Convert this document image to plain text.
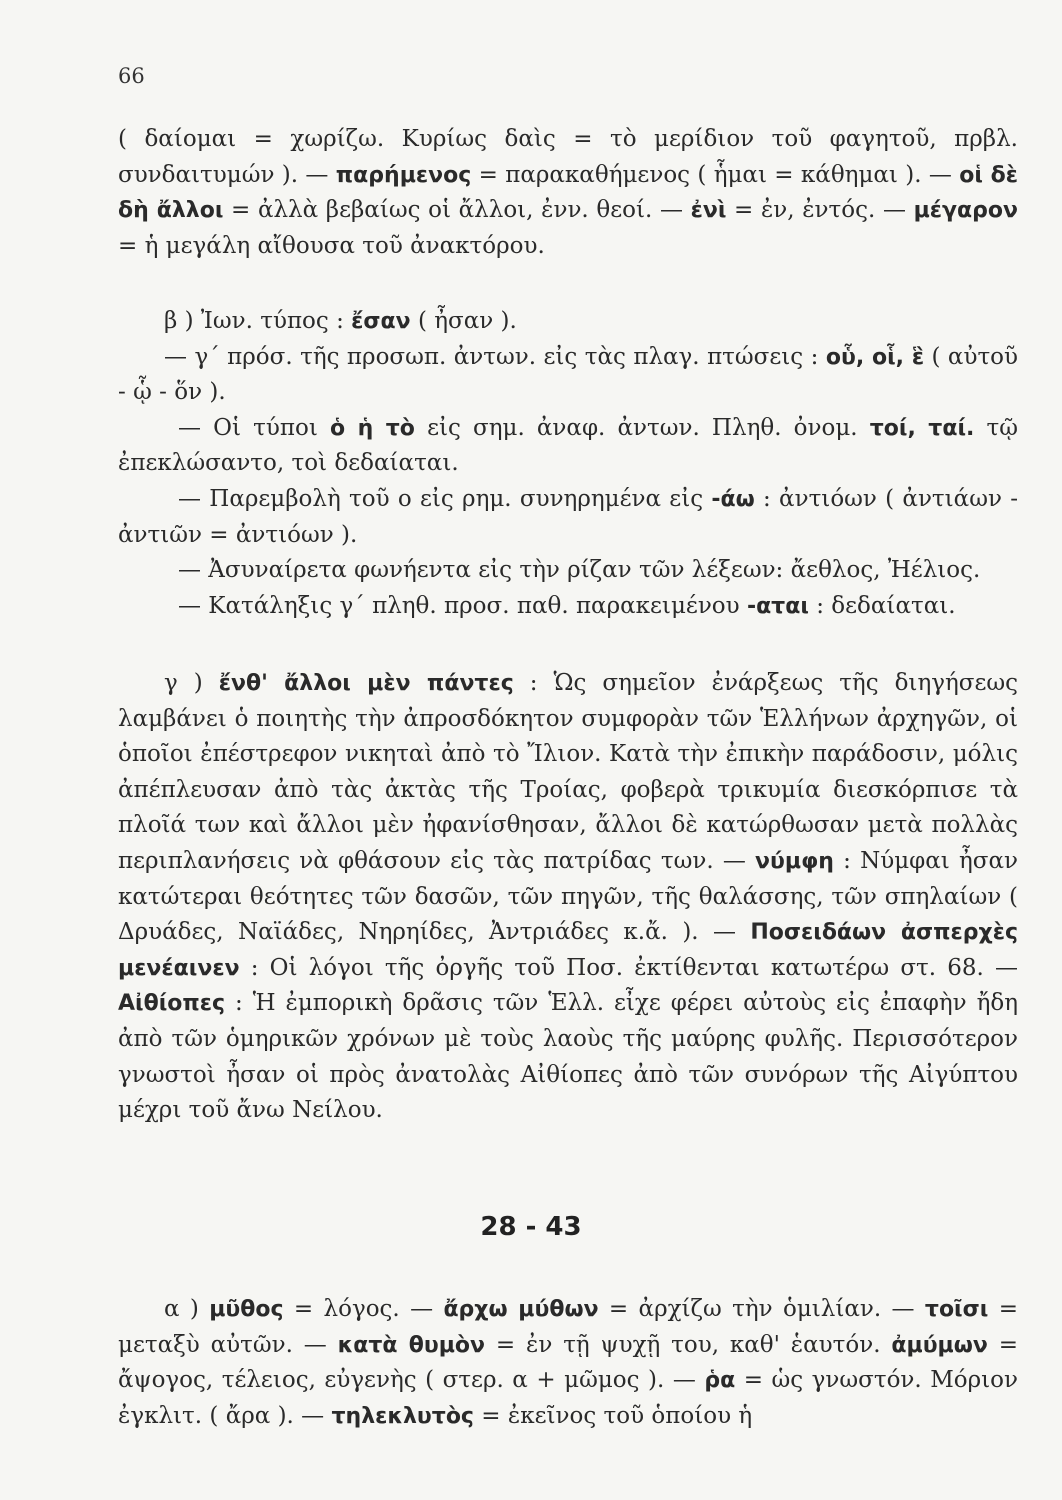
66

( δαίομαι = χωρίζω. Κυρίως δαὶς = τὸ μερίδιον τοῦ φαγητοῦ, πρβλ. συνδαιτυμών ). — παρήμενος = παρακαθήμενος ( ἧμαι = κάθημαι ). — οἱ δὲ δὴ ἄλλοι = ἀλλὰ βεβαίως οἱ ἄλλοι, ἐνν. θεοί. — ἐνὶ = ἐν, ἐντός. — μέγαρον = ἡ μεγάλη αἴθουσα τοῦ ἀνακτόρου.

β ) Ἰων. τύπος : ἔσαν ( ἦσαν ).

— γ΄ πρόσ. τῆς προσωπ. ἀντων. εἰς τὰς πλαγ. πτώσεις : οὗ, οἷ, ἓ ( αὐτοῦ - ᾧ - ὅν ).

— Οἱ τύποι ὁ ἡ τὸ εἰς σημ. ἀναφ. ἀντων. Πληθ. ὀνομ. τοί, ταί. τῷ ἐπεκλώσαντο, τοὶ δεδαίαται.

— Παρεμβολὴ τοῦ ο εἰς ρημ. συνηρημένα εἰς -άω : ἀντιόων ( ἀντιάων - ἀντιῶν = ἀντιόων ).

— Ἀσυναίρετα φωνήεντα εἰς τὴν ρίζαν τῶν λέξεων: ἄεθλος, Ἠέλιος.

— Κατάληξις γ΄ πληθ. προσ. παθ. παρακειμένου -αται : δεδαίαται.

γ ) ἔνθ' ἄλλοι μὲν πάντες : Ὡς σημεῖον ἐνάρξεως τῆς διηγήσεως λαμβάνει ὁ ποιητὴς τὴν ἀπροσδόκητον συμφορὰν τῶν Ἑλλήνων ἀρχηγῶν, οἱ ὁποῖοι ἐπέστρεφον νικηταὶ ἀπὸ τὸ Ἴλιον. Κατὰ τὴν ἐπικὴν παράδοσιν, μόλις ἀπέπλευσαν ἀπὸ τὰς ἀκτὰς τῆς Τροίας, φοβερὰ τρικυμία διεσκόρπισε τὰ πλοῖά των καὶ ἄλλοι μὲν ἠφανίσθησαν, ἄλλοι δὲ κατώρθωσαν μετὰ πολλὰς περιπλανήσεις νὰ φθάσουν εἰς τὰς πατρίδας των. — νύμφη : Νύμφαι ἦσαν κατώτεραι θεότητες τῶν δασῶν, τῶν πηγῶν, τῆς θαλάσσης, τῶν σπηλαίων ( Δρυάδες, Ναϊάδες, Νηρηίδες, Ἀντριάδες κ.ἄ. ). — Ποσειδάων ἀσπερχὲς μενέαινεν : Οἱ λόγοι τῆς ὀργῆς τοῦ Ποσ. ἐκτίθενται κατωτέρω στ. 68. — Αἰθίοπες : Ἡ ἐμπορικὴ δρᾶσις τῶν Ἑλλ. εἶχε φέρει αὐτοὺς εἰς ἐπαφὴν ἤδη ἀπὸ τῶν ὁμηρικῶν χρόνων μὲ τοὺς λαοὺς τῆς μαύρης φυλῆς. Περισσότερον γνωστοὶ ἦσαν οἱ πρὸς ἀνατολὰς Αἰθίοπες ἀπὸ τῶν συνόρων τῆς Αἰγύπτου μέχρι τοῦ ἄνω Νείλου.

28 - 43

α ) μῦθος = λόγος. — ἄρχω μύθων = ἀρχίζω τὴν ὁμιλίαν. — τοῖσι = μεταξὺ αὐτῶν. — κατὰ θυμὸν = ἐν τῇ ψυχῇ του, καθ' ἑαυτόν. ἀμύμων = ἄψογος, τέλειος, εὐγενὴς ( στερ. α + μῶμος ). — ῥα = ὡς γνωστόν. Μόριον ἐγκλιτ. ( ἄρα ). — τηλεκλυτὸς = ἐκεῖνος τοῦ ὁποίου ἡ
